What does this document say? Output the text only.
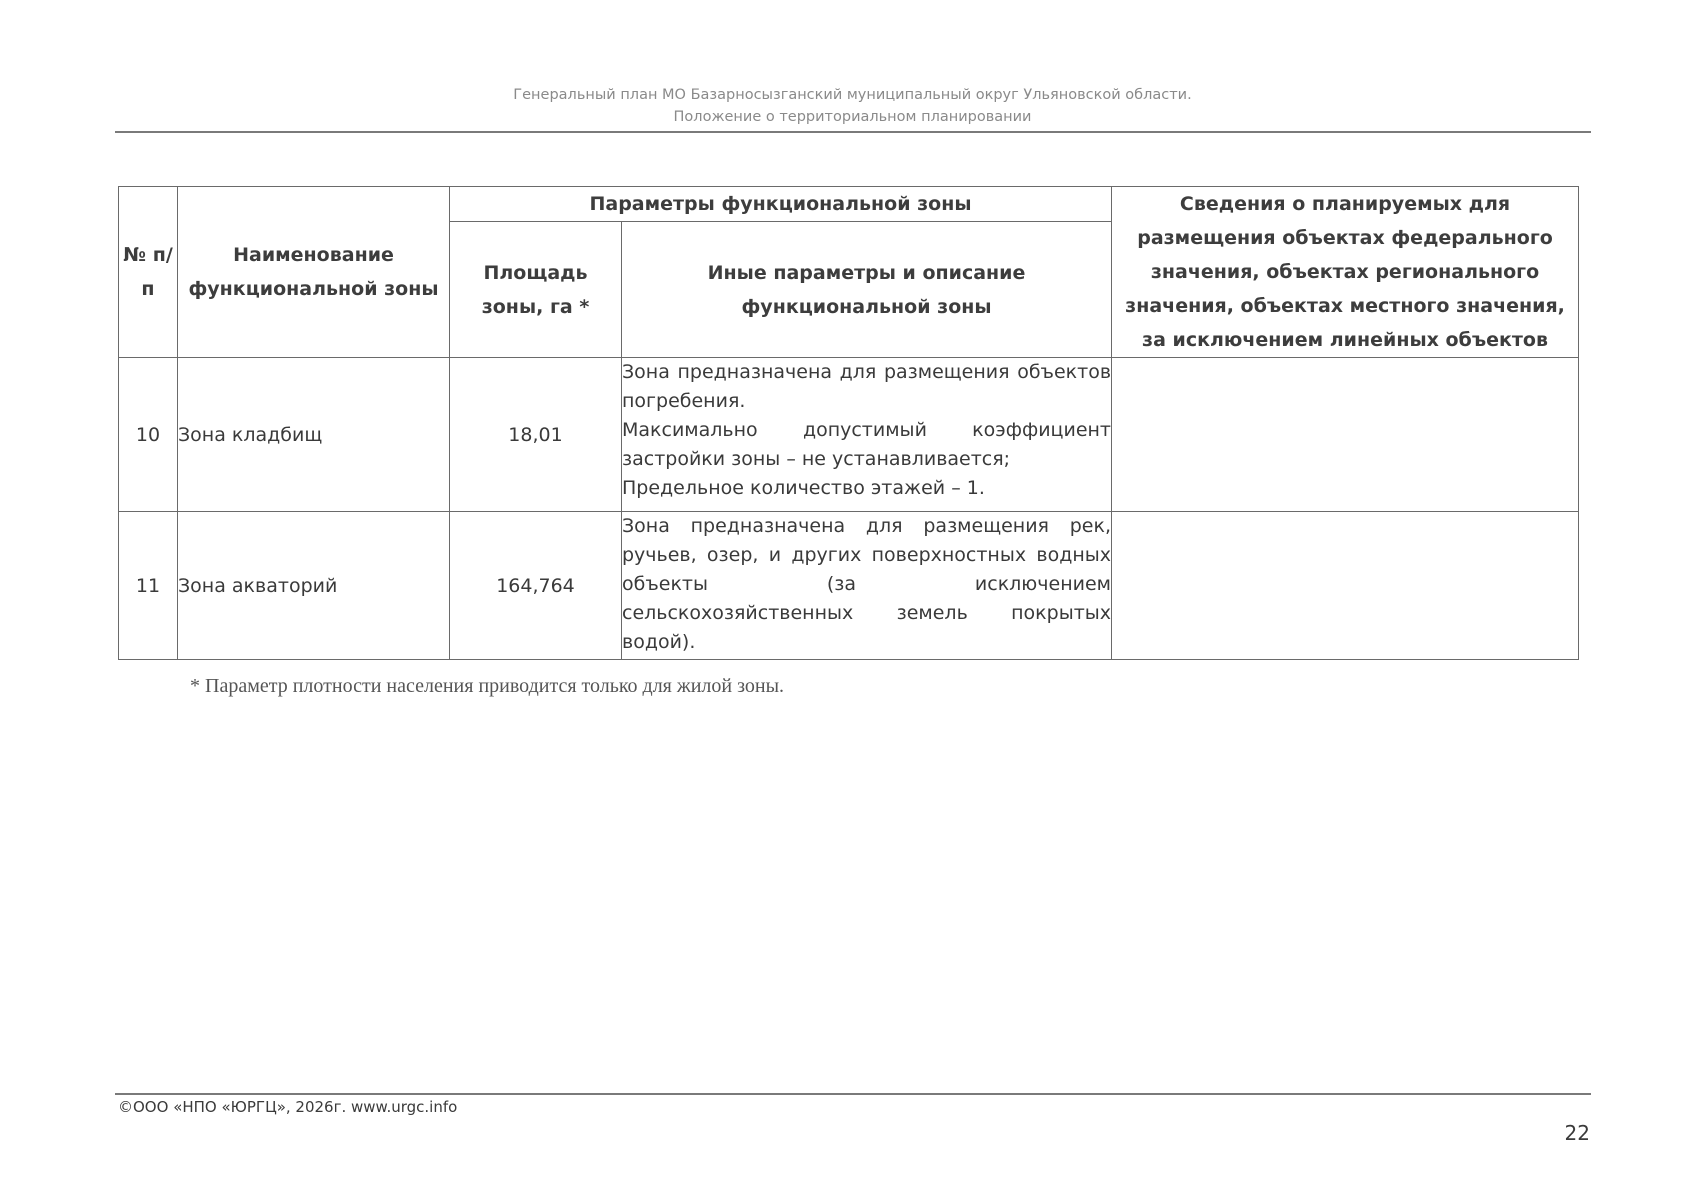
Генеральный план МО Базарносызганский муниципальный округ Ульяновской области.
Положение о территориальном планировании
№ п/п	Наименование функциональной зоны	Параметры функциональной зоны		Сведения о планируемых для размещения объектах федерального значения, объектах регионального значения, объектах местного значения, за исключением линейных объектов
		Площадь зоны, га *	Иные параметры и описание функциональной зоны	
10	Зона кладбищ	18,01	Зона предназначена для размещения объектов погребения.

Максимально допустимый коэффициент застройки зоны – не устанавливается;

Предельное количество этажей – 1.	

11	Зона акваторий	164,764	Зона предназначена для размещения рек, ручьев, озер, и других поверхностных водных объекты (за исключением сельскохозяйственных земель покрытых водой).	

* Параметр плотности населения приводится только для жилой зоны.
©ООО «НПО «ЮРГЦ», 2026г. www.urgc.info
22
